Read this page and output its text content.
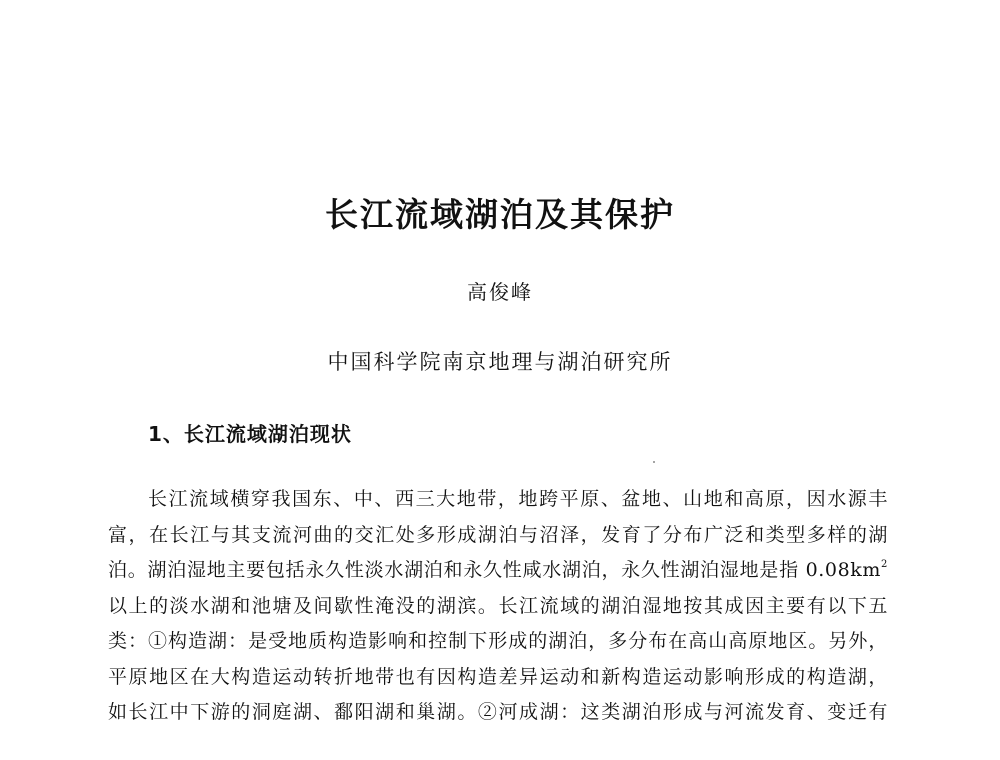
长江流域湖泊及其保护
高俊峰
中国科学院南京地理与湖泊研究所
1、长江流域湖泊现状
长江流域横穿我国东、中、西三大地带，地跨平原、盆地、山地和高原，因水源丰
富，在长江与其支流河曲的交汇处多形成湖泊与沼泽，发育了分布广泛和类型多样的湖
泊。湖泊湿地主要包括永久性淡水湖泊和永久性咸水湖泊，永久性湖泊湿地是指 $0.08km^2$
以上的淡水湖和池塘及间歇性淹没的湖滨。长江流域的湖泊湿地按其成因主要有以下五
类：①构造湖：是受地质构造影响和控制下形成的湖泊，多分布在高山高原地区。另外，
平原地区在大构造运动转折地带也有因构造差异运动和新构造运动影响形成的构造湖，
如长江中下游的洞庭湖、鄱阳湖和巢湖。②河成湖：这类湖泊形成与河流发育、变迁有
